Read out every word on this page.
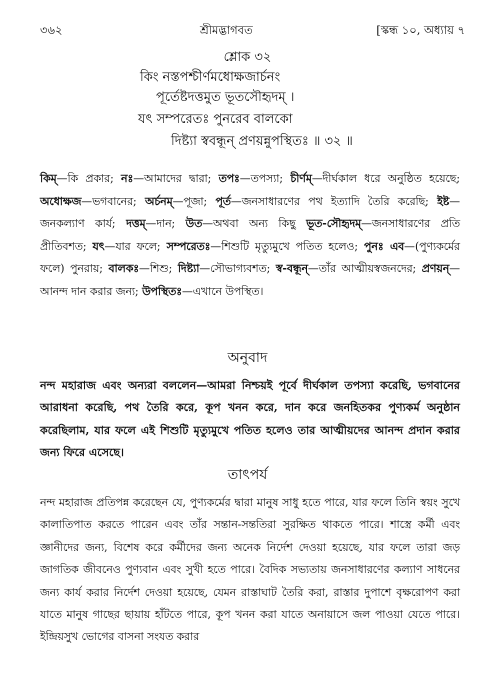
৩৬২	শ্রীমদ্ভাগবত	[স্কন্ধ ১০, অধ্যায় ৭
শ্লোক ৩২
কিং নস্তপশ্চীর্ণমধোক্ষজার্চনং
পূর্তেষ্টদত্তমুত ভূতসৌহৃদম্ ।
যৎ সম্পরেতঃ পুনরেব বালকো
দিষ্ট্যা স্ববন্ধূন্ প্রণয়ন্নুপস্থিতঃ ॥ ৩২ ॥
কিম্—কি প্রকার; নঃ—আমাদের দ্বারা; তপঃ—তপস্যা; চীর্ণম্—দীর্ঘকাল ধরে অনুষ্ঠিত হয়েছে; অধোক্ষজ—ভগবানের; অর্চনম্—পূজা; পূর্ত—জনসাধারণের পথ ইত্যাদি তৈরি করেছি; ইষ্ট—জনকল্যাণ কার্য; দত্তম্—দান; উত—অথবা অন্য কিছু ভূত-সৌহৃদম্—জনসাধারণের প্রতি প্রীতিবশত; যৎ—যার ফলে; সম্পরেতঃ—শিশুটি মৃত্যুমুখে পতিত হলেও; পুনঃ এব—(পুণ্যকর্মের ফলে) পুনরায়; বালকঃ—শিশু; দিষ্ট্যা—সৌভাগ্যবশত; স্ব-বন্ধূন্—তাঁর আত্মীয়স্বজনদের; প্রণয়ন্—আনন্দ দান করার জন্য; উপস্থিতঃ—এখানে উপস্থিত।
অনুবাদ
নন্দ মহারাজ এবং অন্যরা বললেন—আমরা নিশ্চয়ই পূর্বে দীর্ঘকাল তপস্যা করেছি, ভগবানের আরাধনা করেছি, পথ তৈরি করে, কূপ খনন করে, দান করে জনহিতকর পুণ্যকর্ম অনুষ্ঠান করেছিলাম, যার ফলে এই শিশুটি মৃত্যুমুখে পতিত হলেও তার আত্মীয়দের আনন্দ প্রদান করার জন্য ফিরে এসেছে।
তাৎপর্য
নন্দ মহারাজ প্রতিপন্ন করেছেন যে, পুণ্যকর্মের দ্বারা মানুষ সাধু হতে পারে, যার ফলে তিনি স্বয়ং সুখে কালাতিপাত করতে পারেন এবং তাঁর সন্তান-সন্ততিরা সুরক্ষিত থাকতে পারে। শাস্ত্রে কর্মী এবং জ্ঞানীদের জন্য, বিশেষ করে কর্মীদের জন্য অনেক নির্দেশ দেওয়া হয়েছে, যার ফলে তারা জড় জাগতিক জীবনেও পুণ্যবান এবং সুখী হতে পারে। বৈদিক সভ্যতায় জনসাধারণের কল্যাণ সাধনের জন্য কার্য করার নির্দেশ দেওয়া হয়েছে, যেমন রাস্তাঘাট তৈরি করা, রাস্তার দুপাশে বৃক্ষরোপণ করা যাতে মানুষ গাছের ছায়ায় হাঁটতে পারে, কূপ খনন করা যাতে অনায়াসে জল পাওয়া যেতে পারে। ইন্দ্রিয়সুখ ভোগের বাসনা সংযত করার
